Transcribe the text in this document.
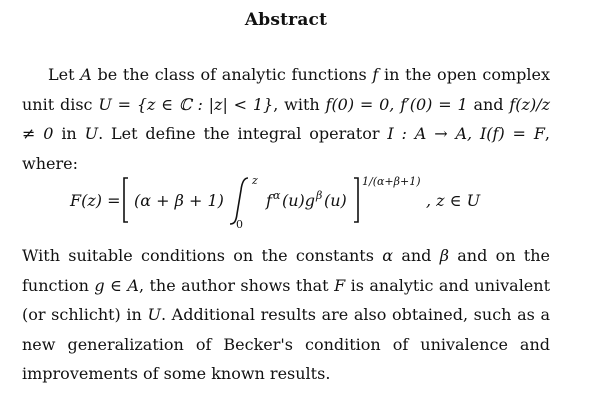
Abstract
Let A be the class of analytic functions f in the open complex unit disc U = {z ∈ ℂ : |z| < 1}, with f(0) = 0, f′(0) = 1 and f(z)/z ≠ 0 in U. Let define the integral operator I : A → A, I(f) = F, where:
F(z) = (α + β + 1)
z
0
f α (u)g β (u)
1/(α+β+1)
, z ∈ U
With suitable conditions on the constants α and β and on the function g ∈ A, the author shows that F is analytic and univalent (or schlicht) in U. Additional results are also obtained, such as a new generalization of Becker's condition of univalence and improvements of some known results.
